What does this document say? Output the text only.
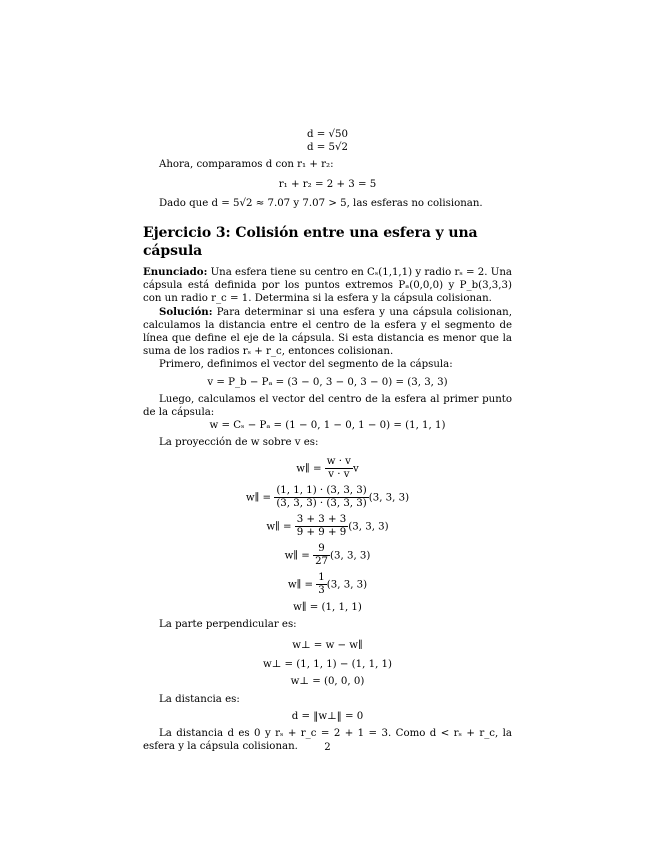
d = √50
d = 5√2
Ahora, comparamos d con r₁ + r₂:
r₁ + r₂ = 2 + 3 = 5
Dado que d = 5√2 ≈ 7.07 y 7.07 > 5, las esferas no colisionan.
Ejercicio 3: Colisión entre una esfera y una cápsula
Enunciado: Una esfera tiene su centro en Cₛ(1,1,1) y radio rₛ = 2. Una cápsula está definida por los puntos extremos Pₐ(0,0,0) y P_b(3,3,3) con un radio r_c = 1. Determina si la esfera y la cápsula colisionan.
Solución: Para determinar si una esfera y una cápsula colisionan, calculamos la distancia entre el centro de la esfera y el segmento de línea que define el eje de la cápsula. Si esta distancia es menor que la suma de los radios rₛ + r_c, entonces colisionan.
Primero, definimos el vector del segmento de la cápsula:
v = P_b − Pₐ = (3 − 0, 3 − 0, 3 − 0) = (3, 3, 3)
Luego, calculamos el vector del centro de la esfera al primer punto de la cápsula:
w = Cₛ − Pₐ = (1 − 0, 1 − 0, 1 − 0) = (1, 1, 1)
La proyección de w sobre v es:
w∥ = $\frac{w \cdot v}{v \cdot v}$ v
w∥ = $\frac{(1, 1, 1) \cdot (3, 3, 3)}{(3, 3, 3) \cdot (3, 3, 3)} (3$, 3, 3)
w∥ = $\frac{3 + 3 + 3}{9 + 9 + 9} (3$, 3, 3)
w∥ = $\frac{9}{27} (3$, 3, 3)
w∥ = $\frac{1}{3} (3$, 3, 3)
w∥ = (1, 1, 1)
La parte perpendicular es:
w⊥ = w − w∥
w⊥ = (1, 1, 1) − (1, 1, 1)
w⊥ = (0, 0, 0)
La distancia es:
d = ‖w⊥‖ = 0
La distancia d es 0 y rₛ + r_c = 2 + 1 = 3. Como d < rₛ + r_c, la esfera y la cápsula colisionan.	2
